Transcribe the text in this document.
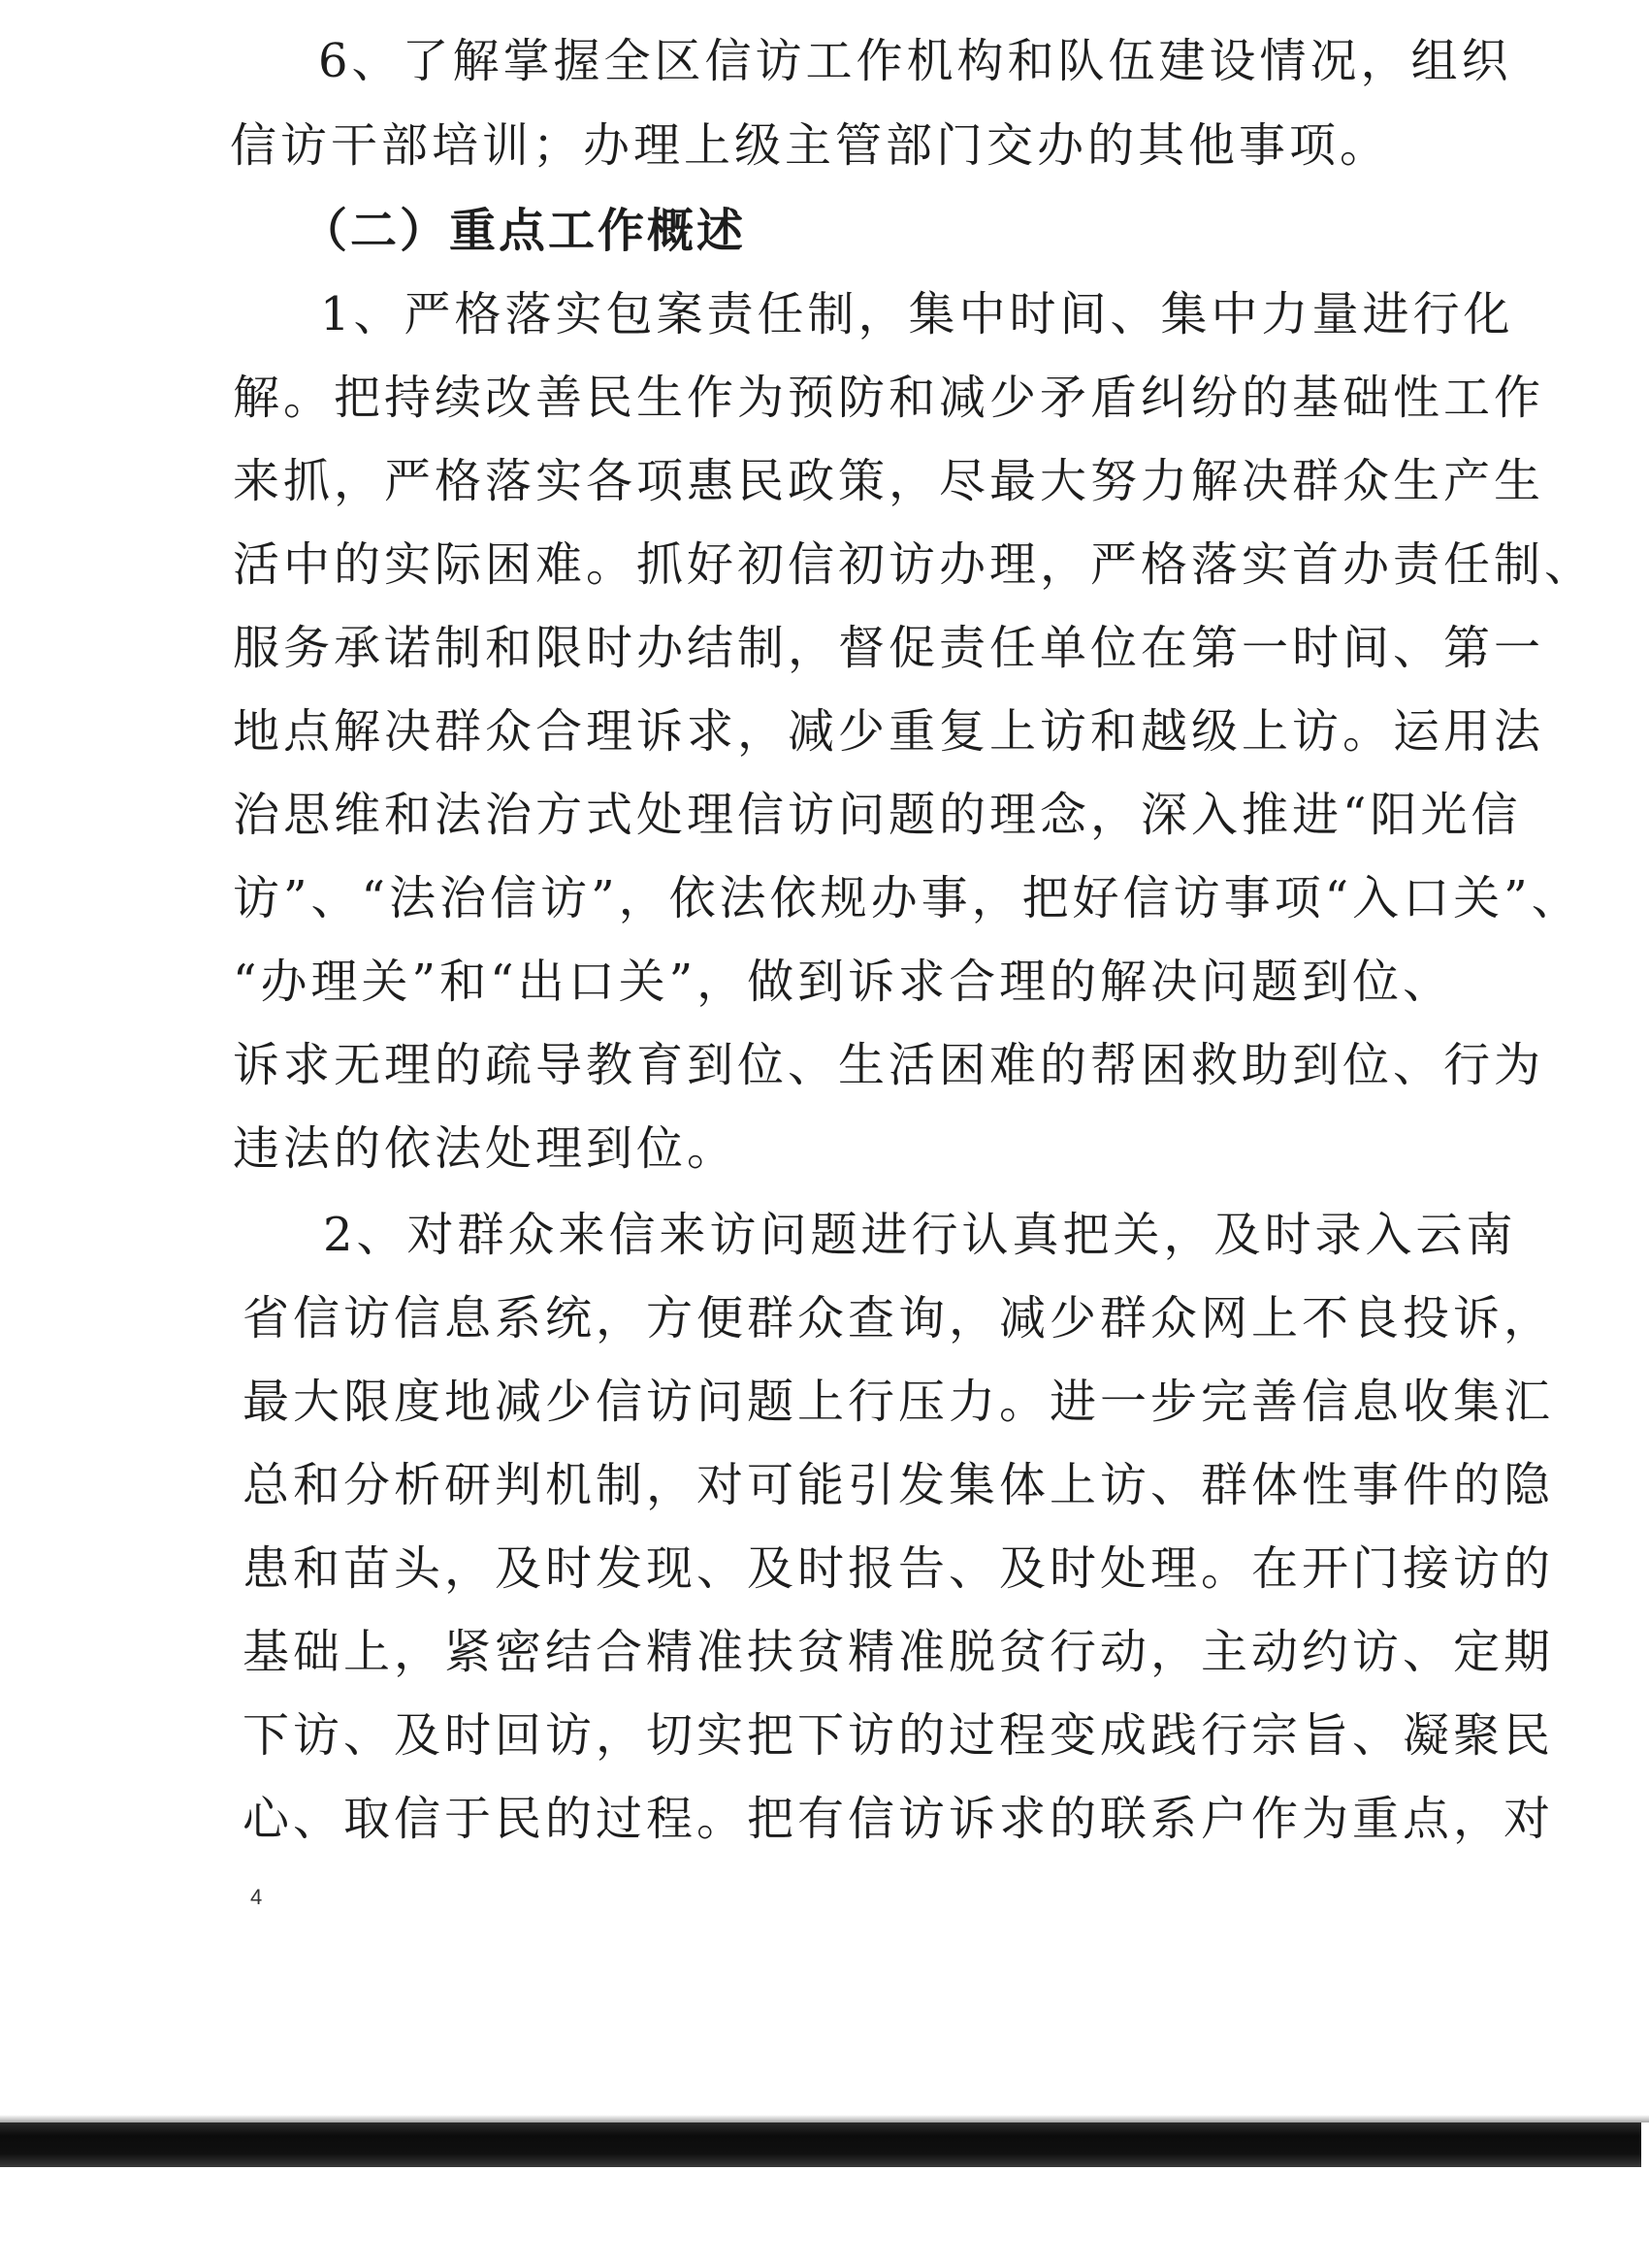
6、了解掌握全区信访工作机构和队伍建设情况，组织
信访干部培训；办理上级主管部门交办的其他事项。
（二）重点工作概述
1、严格落实包案责任制，集中时间、集中力量进行化
解。把持续改善民生作为预防和减少矛盾纠纷的基础性工作
来抓，严格落实各项惠民政策，尽最大努力解决群众生产生
活中的实际困难。抓好初信初访办理，严格落实首办责任制、
服务承诺制和限时办结制，督促责任单位在第一时间、第一
地点解决群众合理诉求，减少重复上访和越级上访。运用法
治思维和法治方式处理信访问题的理念，深入推进“阳光信
访”、“法治信访”，依法依规办事，把好信访事项“入口关”、
“办理关”和“出口关”，做到诉求合理的解决问题到位、
诉求无理的疏导教育到位、生活困难的帮困救助到位、行为
违法的依法处理到位。
2、对群众来信来访问题进行认真把关，及时录入云南
省信访信息系统，方便群众查询，减少群众网上不良投诉，
最大限度地减少信访问题上行压力。进一步完善信息收集汇
总和分析研判机制，对可能引发集体上访、群体性事件的隐
患和苗头，及时发现、及时报告、及时处理。在开门接访的
基础上，紧密结合精准扶贫精准脱贫行动，主动约访、定期
下访、及时回访，切实把下访的过程变成践行宗旨、凝聚民
心、取信于民的过程。把有信访诉求的联系户作为重点，对
4
